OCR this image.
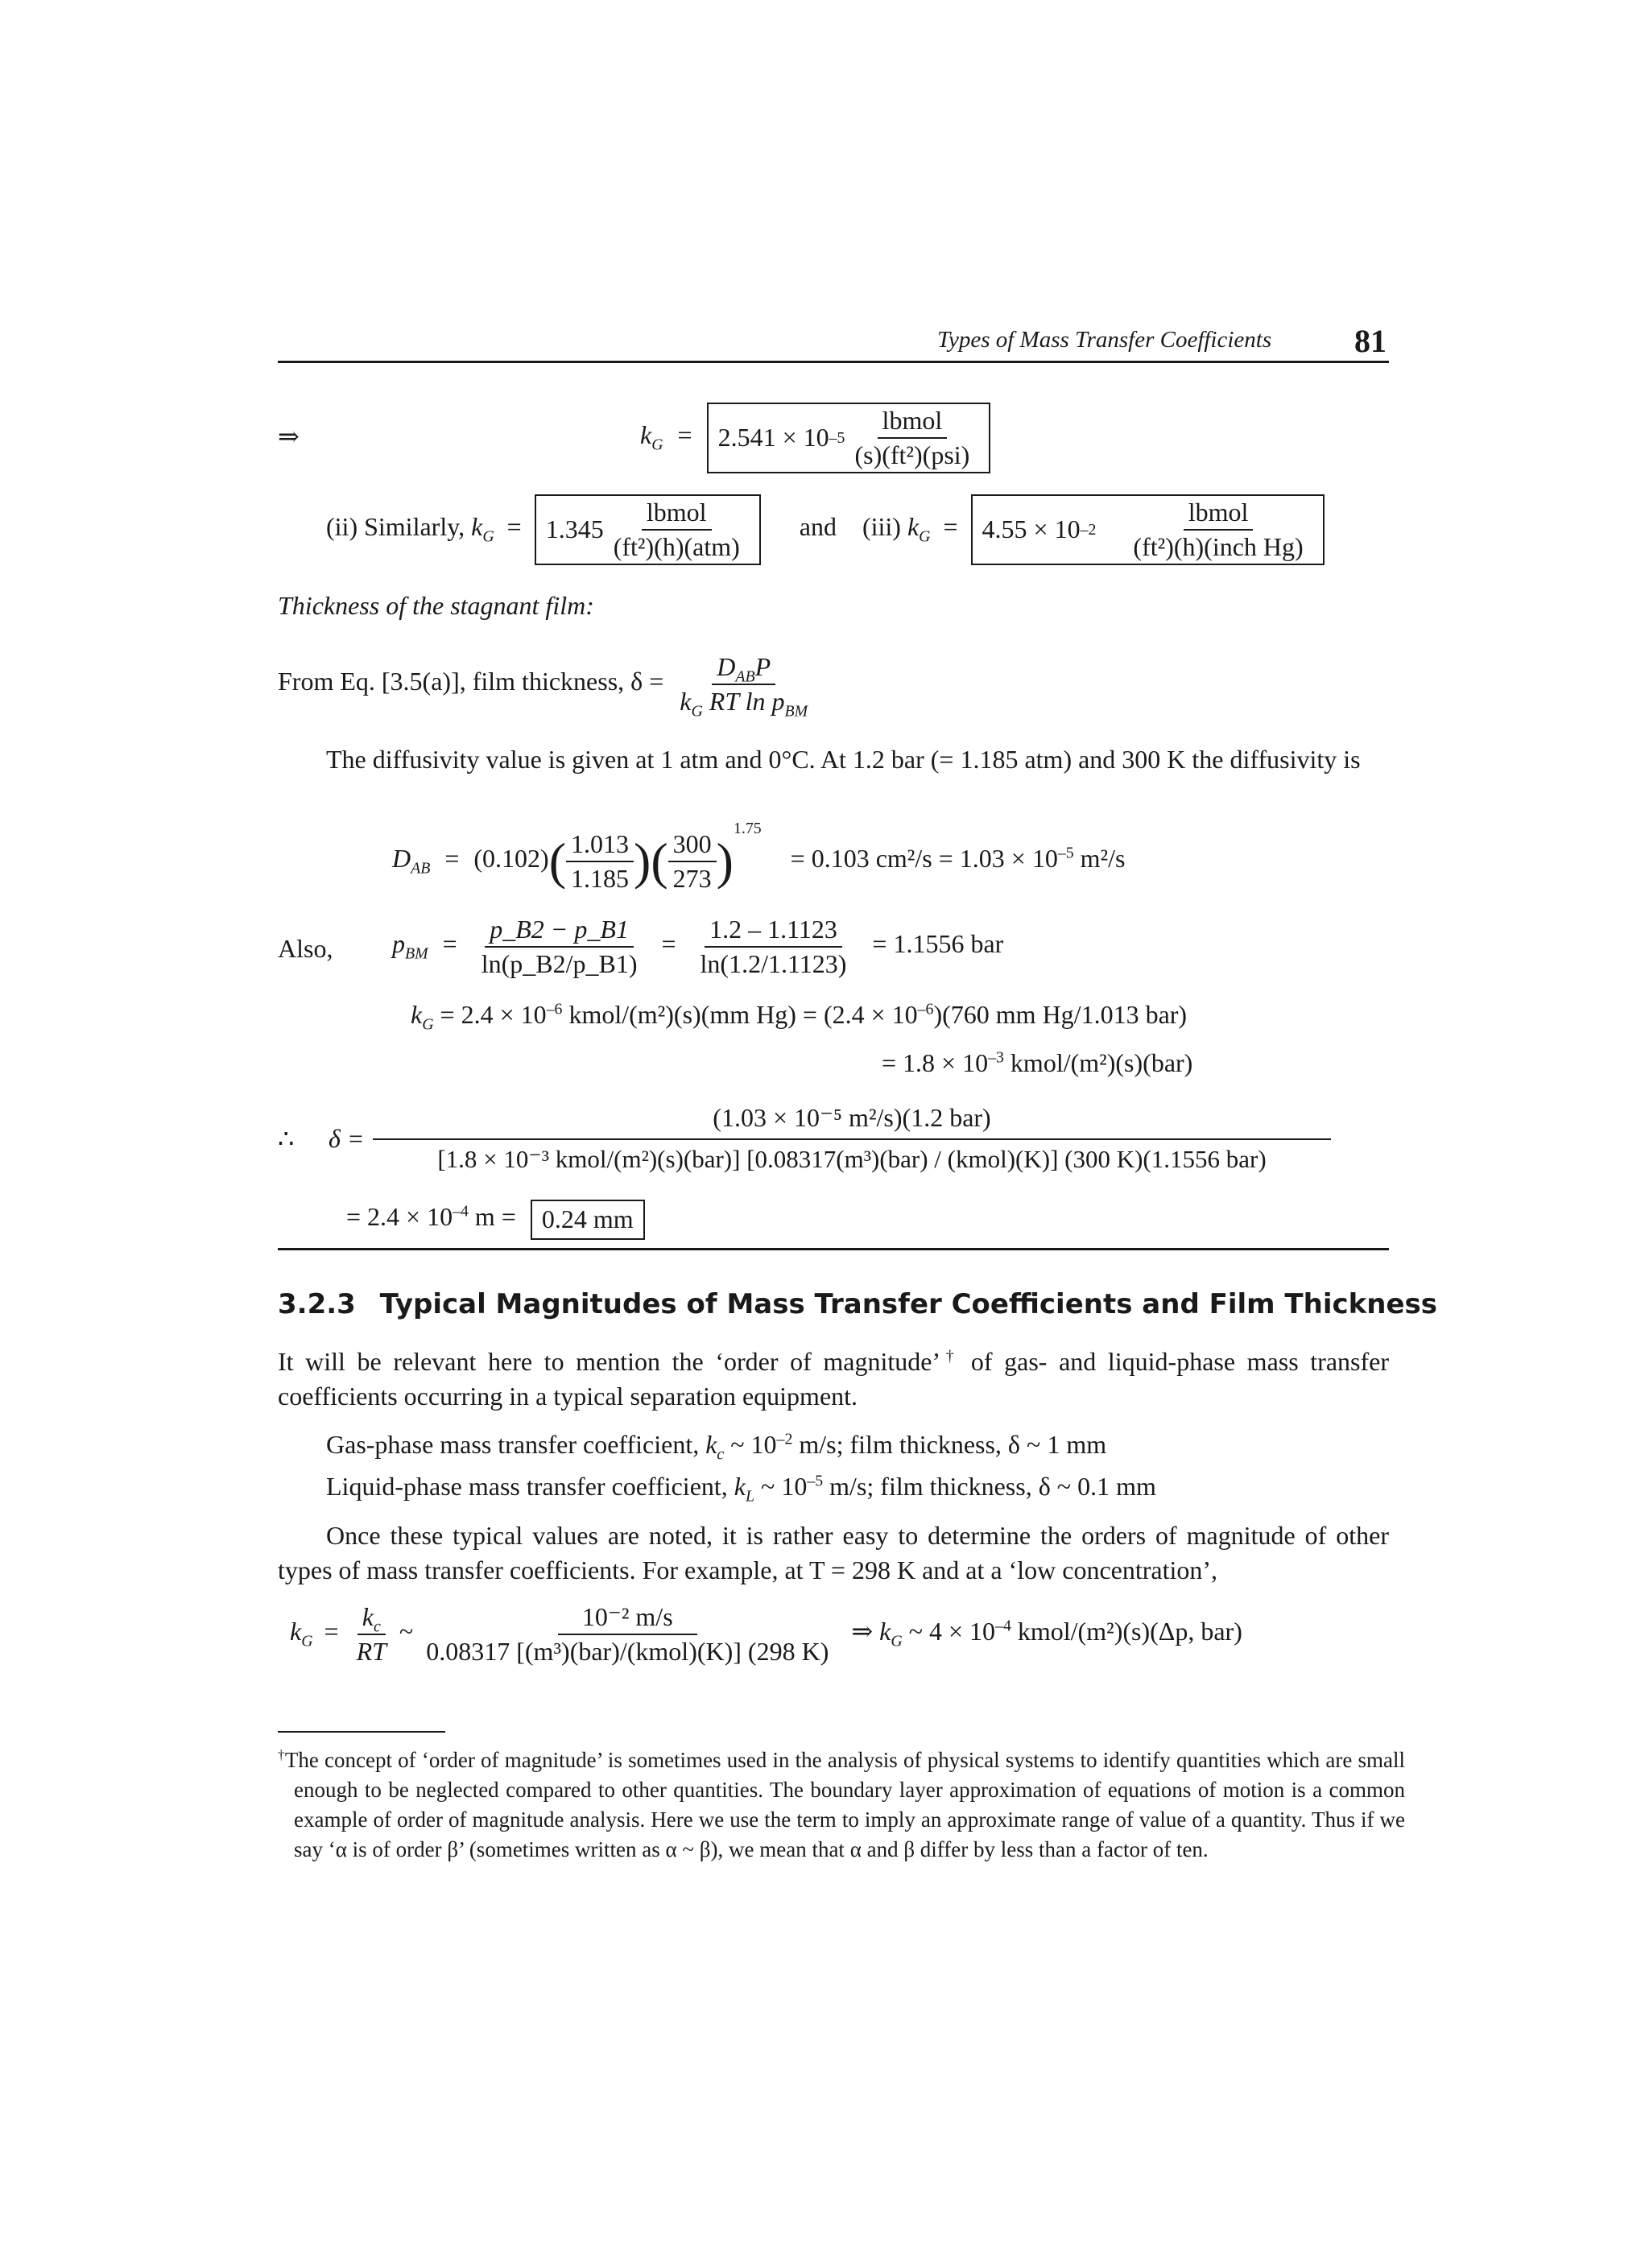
Types of Mass Transfer Coefficients	81
⇒	$k_G = 2.541 \times 10$ $-5 \frac{\text{lbmol}}{\text{(s)(ft²)(psi)}}$
(ii) Similarly, $k_G = 1.345 \frac{\text{lbmol}}{\text{(ft²)(h)(atm)}}$ and (iii) $k_G = 4.55 \times 10$ $-2 \frac{\text{lbmol}}{\text{(ft²)(h)(inch Hg)}}$
Thickness of the stagnant film:
From Eq. [3.5(a)], film thickness, $\delta = \frac{D_{AB}P}{k_G RT \ln p_{BM}}$
The diffusivity value is given at 1 atm and 0°C. At 1.2 bar (= 1.185 atm) and 300 K the diffusivity is
$D_{AB} = (0.102)( \frac{1.013}{1.185}$ )( $\frac{300}{273} )^{1.75} = 0.103$ $cm^2/s = 1.03 \times 10^{-5}$ m²/s
Also, $p_{BM} = \frac{p\_B2 - p\_B1}{\ln(p\_B2/p\_B1)} = \frac{1.2 - 1.1123}{\ln(1.2/1.1123)} = 1.1556$ bar
$k_G = 2.4 \times 10^{-6}$ kmol/(m²)(s)(mm $Hg) = (2.4 \times 10^{-6})(760$ mm Hg/1.013 bar)
= $1.8 \times 10^{-3}$ kmol/(m²)(s)(bar)
∴ δ =
(1.03 × 10⁻⁵ m²/s)(1.2 bar)
[1.8 × 10⁻³ kmol/(m²)(s)(bar)] [0.08317(m³)(bar) / (kmol)(K)] (300 K)(1.1556 bar)
= $2.4 \times 10^{-4}$ m = 0.24 mm
3.2.3 Typical Magnitudes of Mass Transfer Coefficients and Film Thickness
It will be relevant here to mention the ‘order of magnitude’† of gas- and liquid-phase mass transfer coefficients occurring in a typical separation equipment.
Gas-phase mass transfer coefficient, $k_c$ ~ $10^{-2}$ m/s; film thickness, δ ~ 1 mm
Liquid-phase mass transfer coefficient, $k_L$ ~ $10^{-5}$ m/s; film thickness, δ ~ 0.1 mm
Once these typical values are noted, it is rather easy to determine the orders of magnitude of other types of mass transfer coefficients. For example, at T = 298 K and at a ‘low concentration’,
$k_G = \frac{k_c}{RT}$ ~ $\frac{\text{10⁻² m/s}}{\text{0.08317 [(m³)(bar)/(kmol)(K)] (298 K)}}$ ⇒ $k_G$ ~ $4 \times 10^{-4}$ kmol/(m²)(s)(Δp, bar)
†The concept of ‘order of magnitude’ is sometimes used in the analysis of physical systems to identify quantities which are small enough to be neglected compared to other quantities. The boundary layer approximation of equations of motion is a common example of order of magnitude analysis. Here we use the term to imply an approximate range of value of a quantity. Thus if we say ‘α is of order β’ (sometimes written as α ~ β), we mean that α and β differ by less than a factor of ten.
